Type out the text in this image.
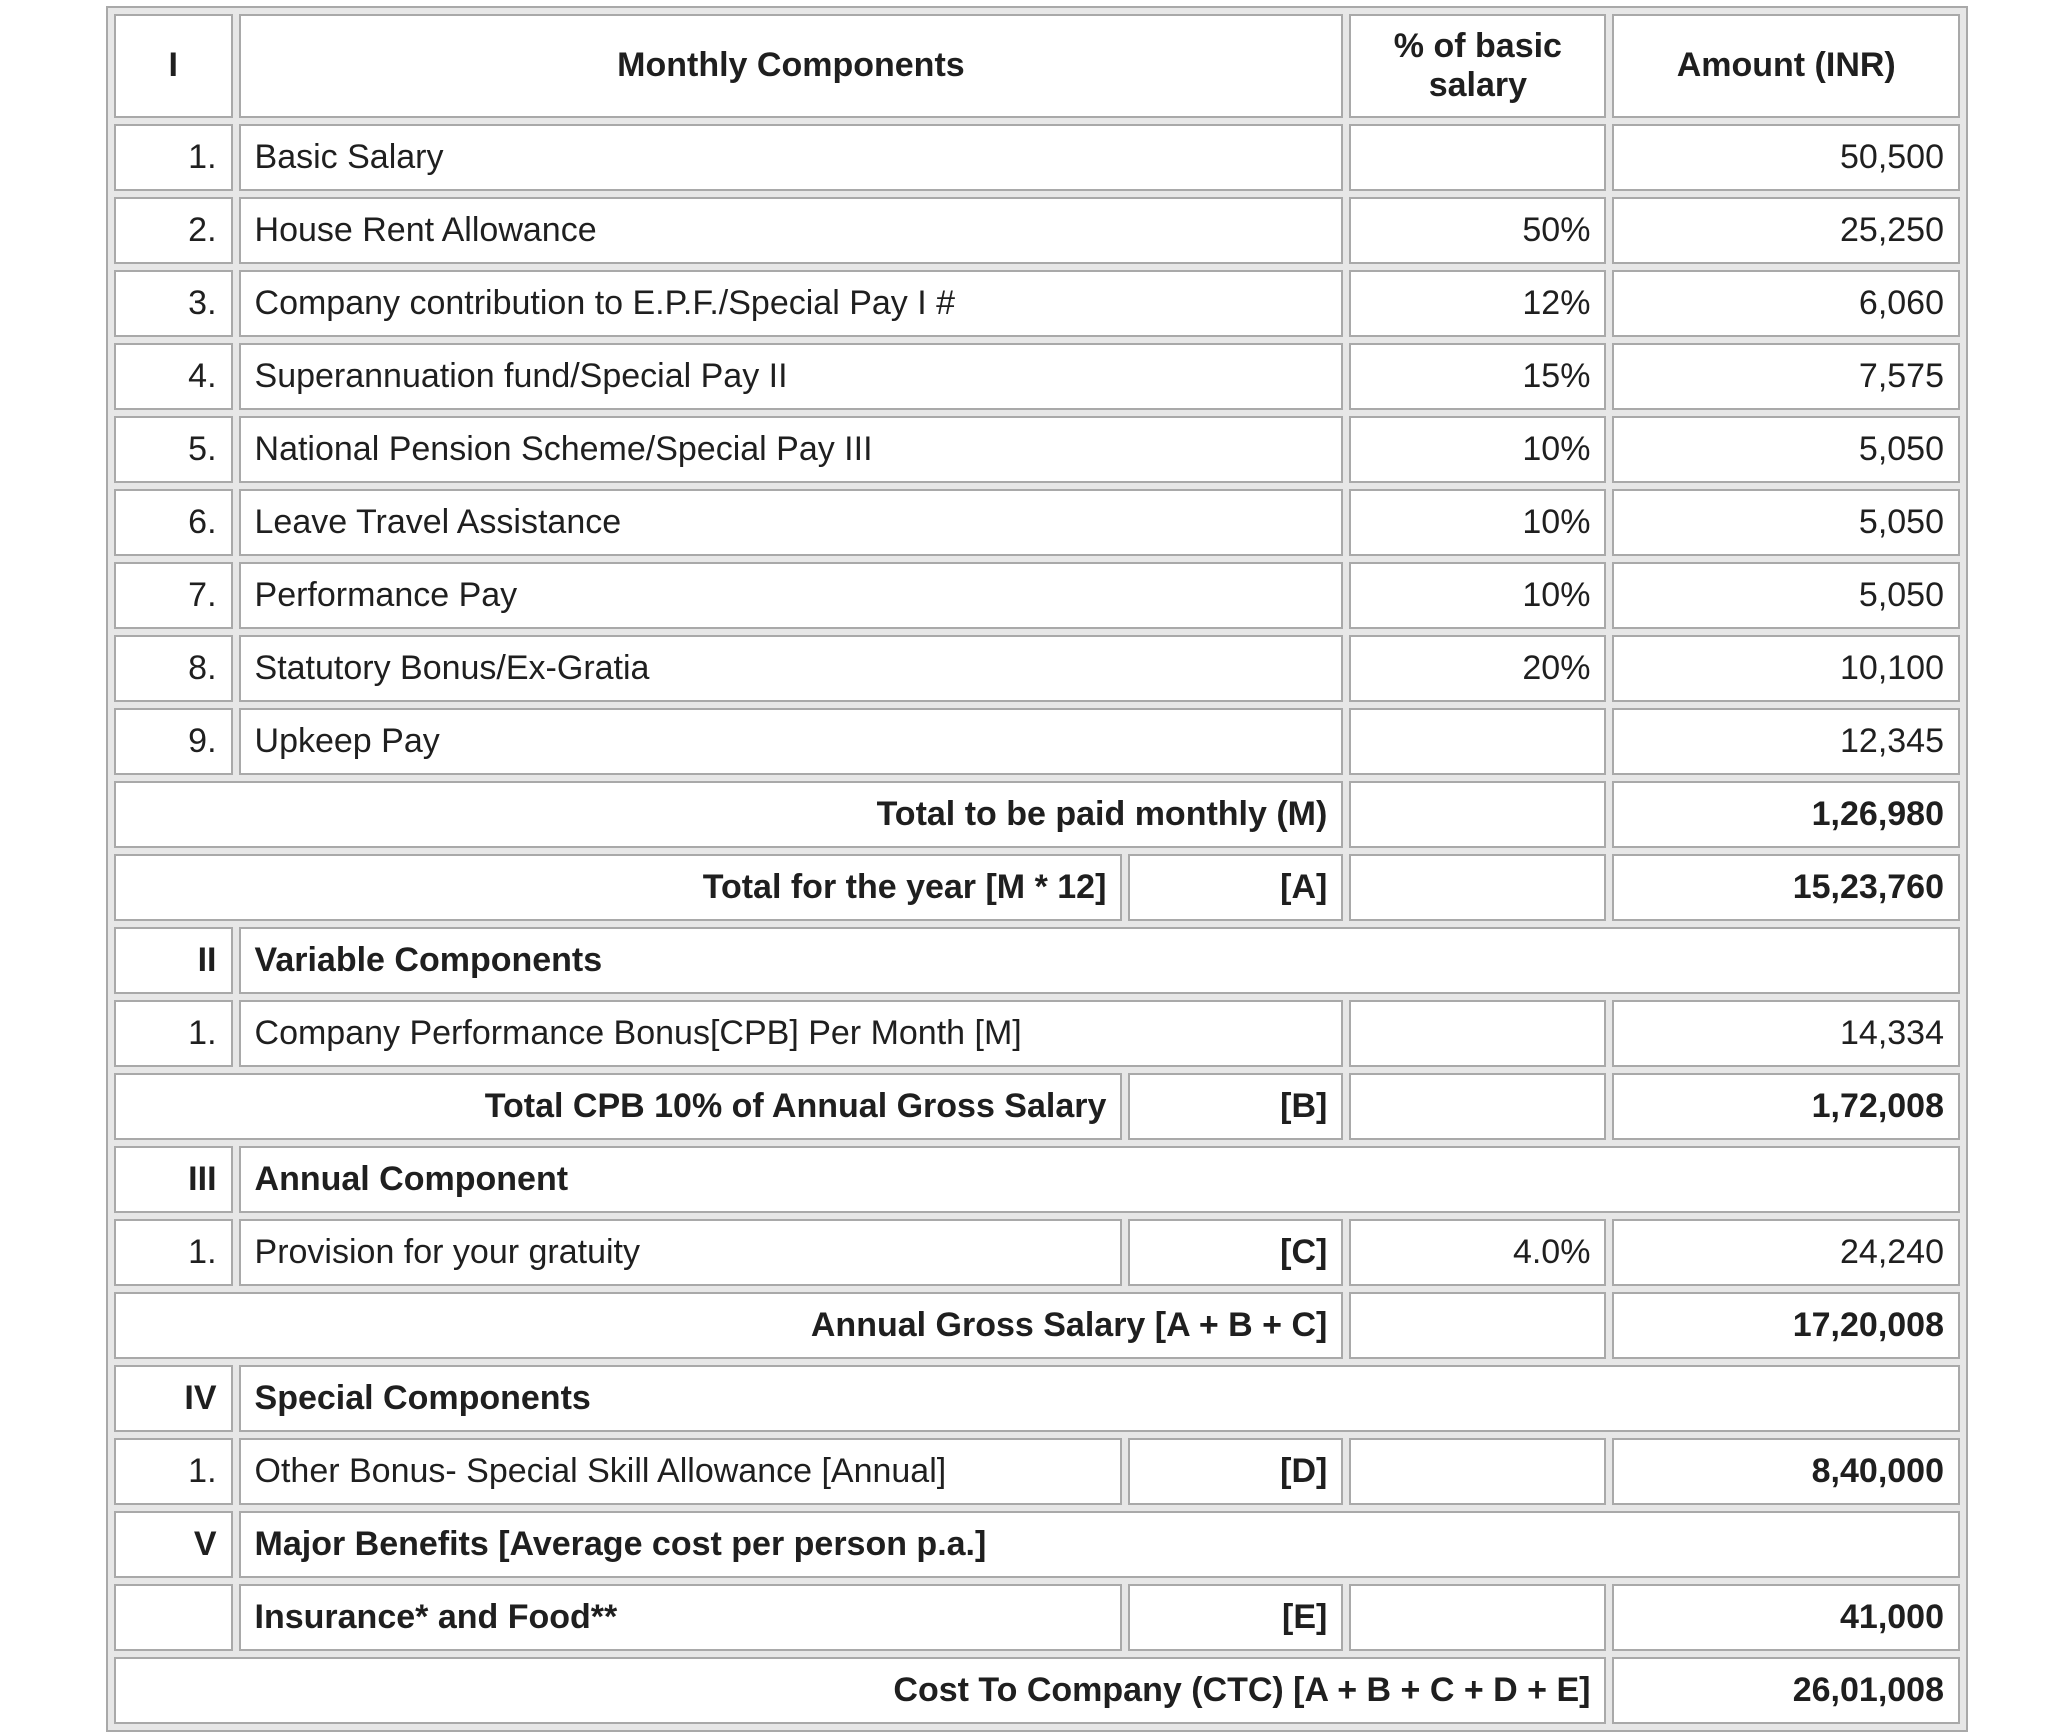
I	Monthly Components		% of basic salary	Amount (INR)
1.	Basic Salary			50,500
2.	House Rent Allowance		50%	25,250
3.	Company contribution to E.P.F./Special Pay I #		12%	6,060
4.	Superannuation fund/Special Pay II		15%	7,575
5.	National Pension Scheme/Special Pay III		10%	5,050
6.	Leave Travel Assistance		10%	5,050
7.	Performance Pay		10%	5,050
8.	Statutory Bonus/Ex-Gratia		20%	10,100
9.	Upkeep Pay			12,345
Total to be paid monthly (M)				1,26,980
Total for the year [M * 12]		[A]		15,23,760
II	Variable Components			
1.	Company Performance Bonus[CPB] Per Month [M]			14,334
Total CPB 10% of Annual Gross Salary		[B]		1,72,008
III	Annual Component			
1.	Provision for your gratuity	[C]	4.0%	24,240
Annual Gross Salary [A + B + C]				17,20,008
IV	Special Components			
1.	Other Bonus- Special Skill Allowance [Annual]	[D]		8,40,000
V	Major Benefits [Average cost per person p.a.]			
	Insurance* and Food**	[E]		41,000
Cost To Company (CTC) [A + B + C + D + E]				26,01,008
